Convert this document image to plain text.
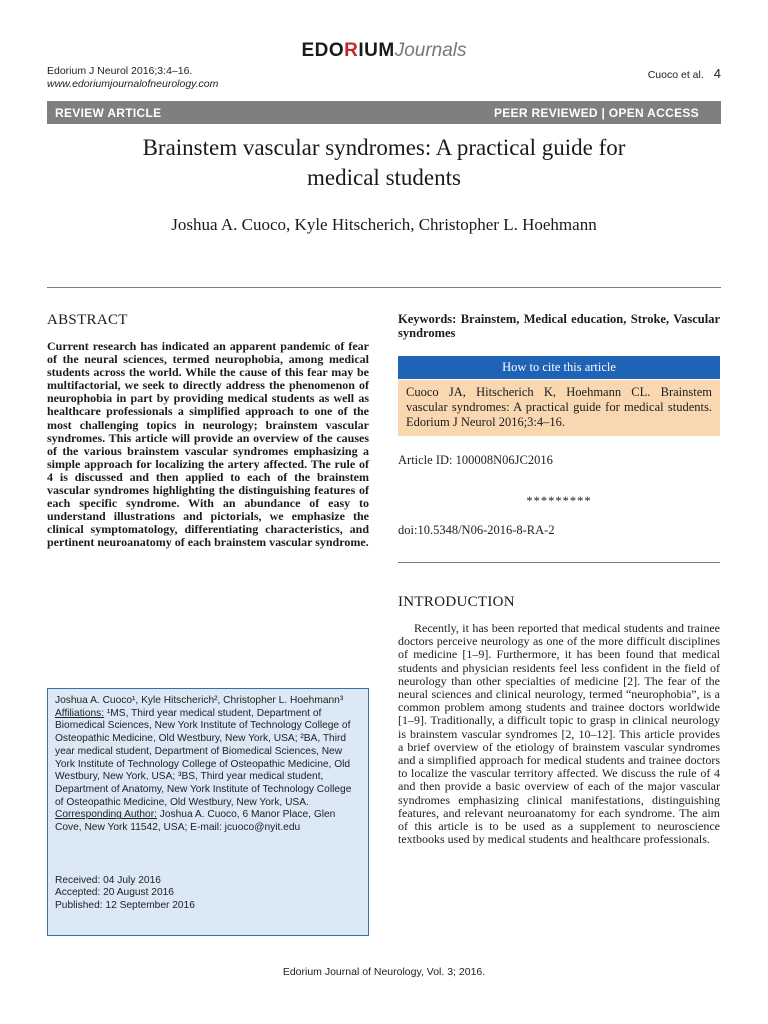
EDORIUMJournals
Edorium J Neurol 2016;3:4–16.
www.edoriumjournalofneurology.com
Cuoco et al. 4
REVIEW ARTICLE	PEER REVIEWED | OPEN ACCESS
Brainstem vascular syndromes: A practical guide for
medical students
Joshua A. Cuoco, Kyle Hitscherich, Christopher L. Hoehmann
ABSTRACT
Current research has indicated an apparent pandemic of fear of the neural sciences, termed neurophobia, among medical students across the world. While the cause of this fear may be multifactorial, we seek to directly address the phenomenon of neurophobia in part by providing medical students as well as healthcare professionals a simplified approach to one of the most challenging topics in neurology; brainstem vascular syndromes. This article will provide an overview of the causes of the various brainstem vascular syndromes emphasizing a simple approach for localizing the artery affected. The rule of 4 is discussed and then applied to each of the brainstem vascular syndromes highlighting the distinguishing features of each specific syndrome. With an abundance of easy to understand illustrations and pictorials, we emphasize the clinical symptomatology, differentiating characteristics, and pertinent neuroanatomy of each brainstem vascular syndrome.
Joshua A. Cuoco¹, Kyle Hitscherich², Christopher L. Hoehmann³
Affiliations: ¹MS, Third year medical student, Department of Biomedical Sciences, New York Institute of Technology College of Osteopathic Medicine, Old Westbury, New York, USA; ²BA, Third year medical student, Department of Biomedical Sciences, New York Institute of Technology College of Osteopathic Medicine, Old Westbury, New York, USA; ³BS, Third year medical student, Department of Anatomy, New York Institute of Technology College of Osteopathic Medicine, Old Westbury, New York, USA.
Corresponding Author: Joshua A. Cuoco, 6 Manor Place, Glen Cove, New York 11542, USA; E-mail: jcuoco@nyit.edu
Received: 04 July 2016
Accepted: 20 August 2016
Published: 12 September 2016
Keywords: Brainstem, Medical education, Stroke, Vascular syndromes
How to cite this article
Cuoco JA, Hitscherich K, Hoehmann CL. Brainstem vascular syndromes: A practical guide for medical students. Edorium J Neurol 2016;3:4–16.
Article ID: 100008N06JC2016
*********
doi:10.5348/N06-2016-8-RA-2
INTRODUCTION
Recently, it has been reported that medical students and trainee doctors perceive neurology as one of the more difficult disciplines of medicine [1–9]. Furthermore, it has been found that medical students and physician residents feel less confident in the field of neurology than other specialties of medicine [2]. The fear of the neural sciences and clinical neurology, termed “neurophobia”, is a common problem among students and trainee doctors worldwide [1–9]. Traditionally, a difficult topic to grasp in clinical neurology is brainstem vascular syndromes [2, 10–12]. This article provides a brief overview of the etiology of brainstem vascular syndromes and a simplified approach for medical students and trainee doctors to localize the vascular territory affected. We discuss the rule of 4 and then provide a basic overview of each of the major vascular syndromes emphasizing clinical manifestations, distinguishing features, and relevant neuroanatomy for each syndrome. The aim of this article is to be used as a supplement to neuroscience textbooks used by medical students and healthcare professionals.
Edorium Journal of Neurology, Vol. 3; 2016.
